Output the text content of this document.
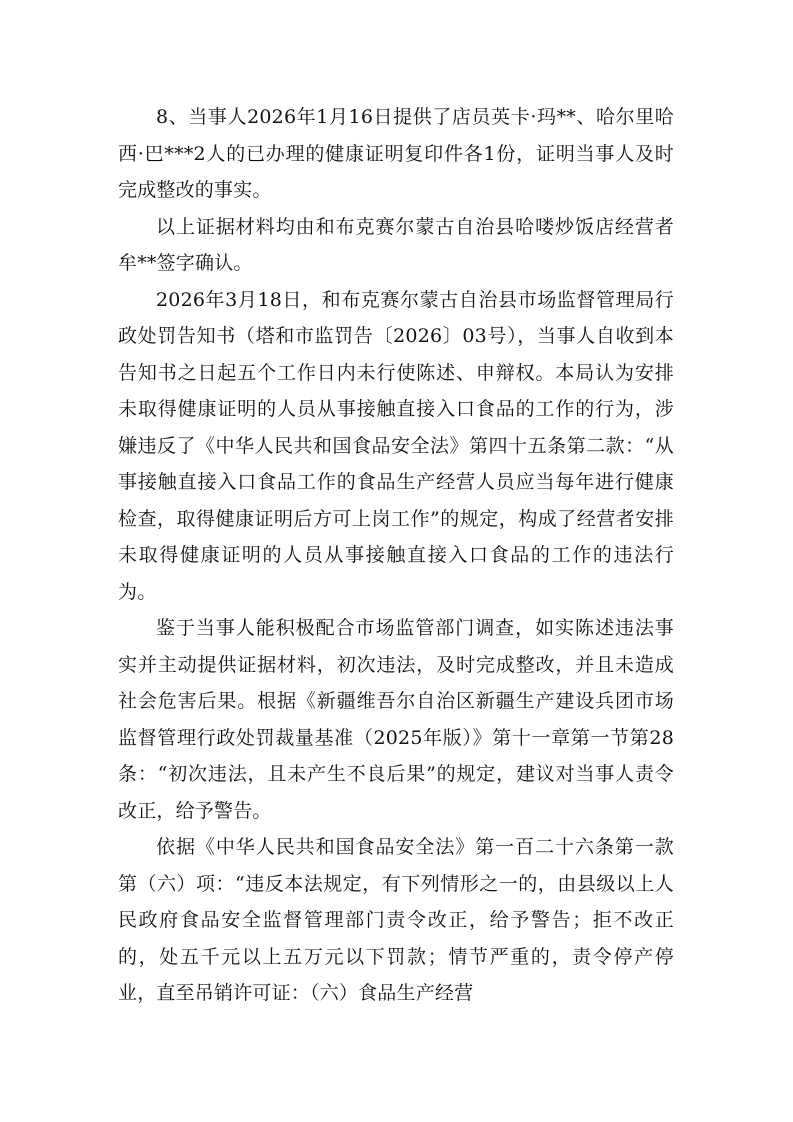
8、当事人2026年1月16日提供了店员英卡·玛**、哈尔里哈西·巴***2人的已办理的健康证明复印件各1份，证明当事人及时完成整改的事实。

以上证据材料均由和布克赛尔蒙古自治县哈喽炒饭店经营者牟**签字确认。

2026年3月18日，和布克赛尔蒙古自治县市场监督管理局行政处罚告知书（塔和市监罚告〔2026〕03号），当事人自收到本告知书之日起五个工作日内未行使陈述、申辩权。本局认为安排未取得健康证明的人员从事接触直接入口食品的工作的行为，涉嫌违反了《中华人民共和国食品安全法》第四十五条第二款：“从事接触直接入口食品工作的食品生产经营人员应当每年进行健康检查，取得健康证明后方可上岗工作”的规定，构成了经营者安排未取得健康证明的人员从事接触直接入口食品的工作的违法行为。

鉴于当事人能积极配合市场监管部门调查，如实陈述违法事实并主动提供证据材料，初次违法，及时完成整改，并且未造成社会危害后果。根据《新疆维吾尔自治区新疆生产建设兵团市场监督管理行政处罚裁量基准（2025年版）》第十一章第一节第28条：“初次违法，且未产生不良后果”的规定，建议对当事人责令改正，给予警告。

依据《中华人民共和国食品安全法》第一百二十六条第一款第（六）项：“违反本法规定，有下列情形之一的，由县级以上人民政府食品安全监督管理部门责令改正，给予警告；拒不改正的，处五千元以上五万元以下罚款；情节严重的，责令停产停业，直至吊销许可证：（六）食品生产经营
